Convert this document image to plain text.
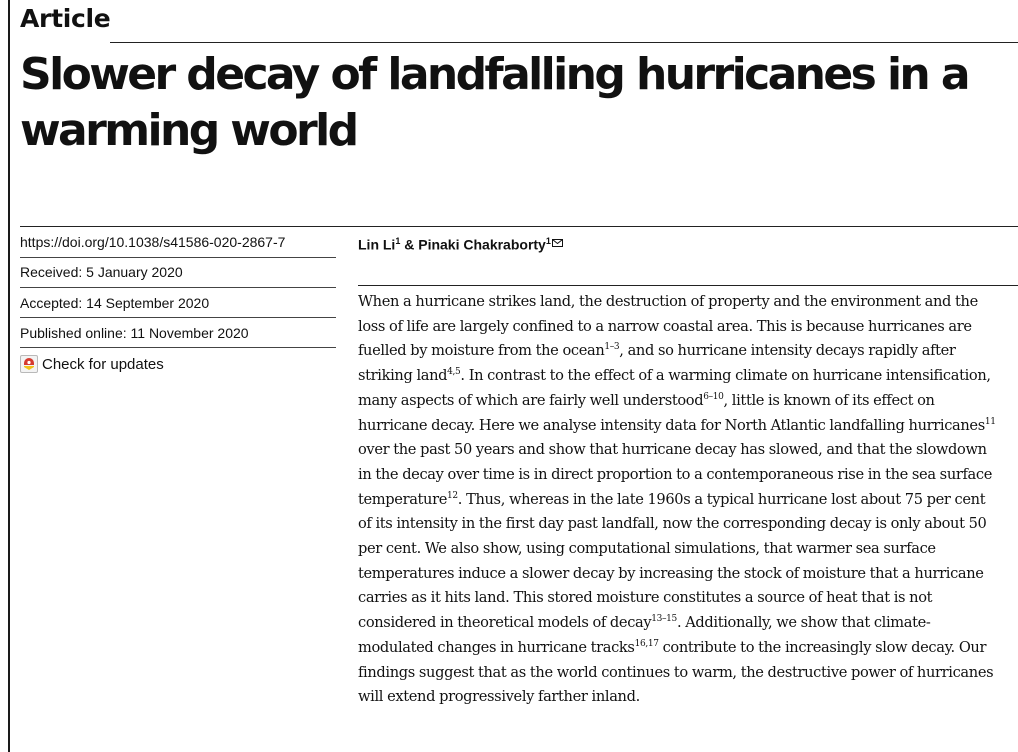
Article
Slower decay of landfalling hurricanes in a warming world
https://doi.org/10.1038/s41586-020-2867-7
Received: 5 January 2020
Accepted: 14 September 2020
Published online: 11 November 2020
Check for updates
Lin Li$^1$ & Pinaki Chakraborty$^1$

When a hurricane strikes land, the destruction of property and the environment and the loss of life are largely confined to a narrow coastal area. This is because hurricanes are fuelled by moisture from the ocean$^{1-3}$, and so hurricane intensity decays rapidly after striking land$^{4,5}$. In contrast to the effect of a warming climate on hurricane intensification, many aspects of which are fairly well understood$^{6-10}$, little is known of its effect on hurricane decay. Here we analyse intensity data for North Atlantic landfalling hurricanes$^{11}$ over the past 50 years and show that hurricane decay has slowed, and that the slowdown in the decay over time is in direct proportion to a contemporaneous rise in the sea surface temperature$^{12}$. Thus, whereas in the late 1960s a typical hurricane lost about 75 per cent of its intensity in the first day past landfall, now the corresponding decay is only about 50 per cent. We also show, using computational simulations, that warmer sea surface temperatures induce a slower decay by increasing the stock of moisture that a hurricane carries as it hits land. This stored moisture constitutes a source of heat that is not considered in theoretical models of decay$^{13-15}$. Additionally, we show that climate-modulated changes in hurricane tracks$^{16,17}$ contribute to the increasingly slow decay. Our findings suggest that as the world continues to warm, the destructive power of hurricanes will extend progressively farther inland.
